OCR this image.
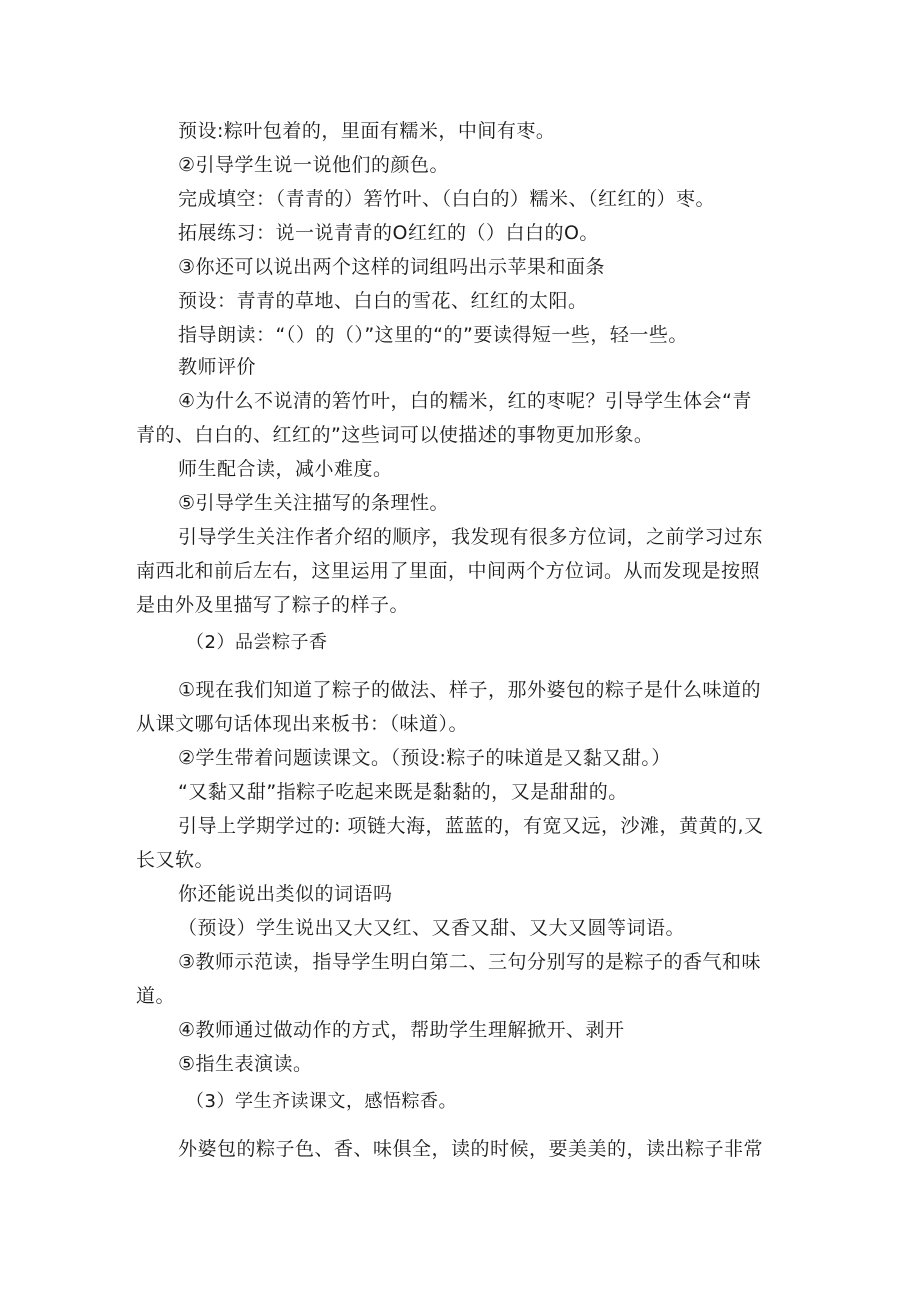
预设:粽叶包着的，里面有糯米，中间有枣。
②引导学生说一说他们的颜色。
完成填空：（青青的）箬竹叶、（白白的）糯米、（红红的）枣。
拓展练习：说一说青青的O红红的（）白白的O。
③你还可以说出两个这样的词组吗出示苹果和面条
预设：青青的草地、白白的雪花、红红的太阳。
指导朗读：“（）的（）”这里的“的”要读得短一些，轻一些。
教师评价
④为什么不说清的箬竹叶，白的糯米，红的枣呢？引导学生体会“青
青的、白白的、红红的”这些词可以使描述的事物更加形象。
师生配合读，减小难度。
⑤引导学生关注描写的条理性。
引导学生关注作者介绍的顺序，我发现有很多方位词，之前学习过东
南西北和前后左右，这里运用了里面，中间两个方位词。从而发现是按照
是由外及里描写了粽子的样子。
（2）品尝粽子香
①现在我们知道了粽子的做法、样子，那外婆包的粽子是什么味道的
从课文哪句话体现出来板书：（味道）。
②学生带着问题读课文。（预设:粽子的味道是又黏又甜。）
“又黏又甜”指粽子吃起来既是黏黏的，又是甜甜的。
引导上学期学过的: 项链大海，蓝蓝的，有宽又远，沙滩，黄黄的,又
长又软。
你还能说出类似的词语吗
（预设）学生说出又大又红、又香又甜、又大又圆等词语。
③教师示范读，指导学生明白第二、三句分别写的是粽子的香气和味
道。
④教师通过做动作的方式，帮助学生理解掀开、剥开
⑤指生表演读。
（3）学生齐读课文，感悟粽香。
外婆包的粽子色、香、味俱全，读的时候，要美美的，读出粽子非常
